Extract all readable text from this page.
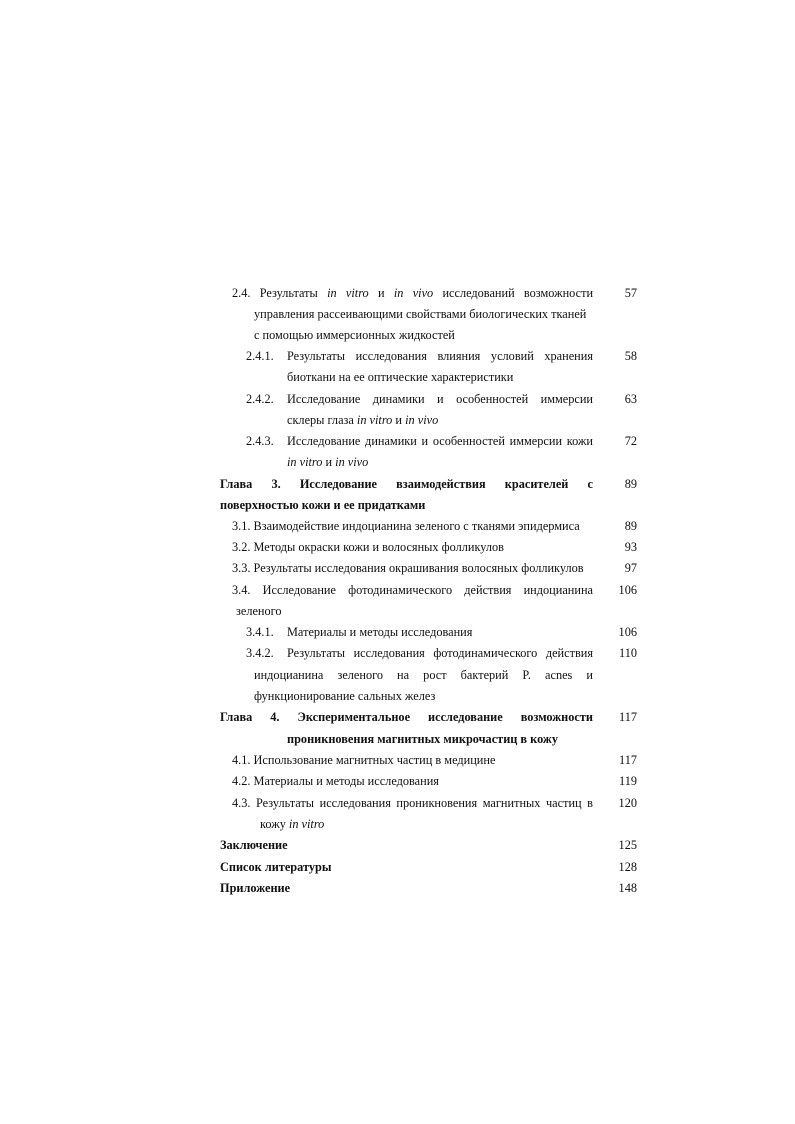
2.4. Результаты in vitro и in vivo исследований возможности
управления рассеивающими свойствами биологических тканей
с помощью иммерсионных жидкостей
57
2.4.1. Результаты исследования влияния условий хранения
биоткани на ее оптические характеристики
58
2.4.2. Исследование динамики и особенностей иммерсии
склеры глаза in vitro и in vivo
63
2.4.3. Исследование динамики и особенностей иммерсии кожи
in vitro и in vivo
72
Глава 3. Исследование взаимодействия красителей с
поверхностью кожи и ее придатками
89
3.1. Взаимодействие индоцианина зеленого с тканями эпидермиса	89
3.2. Методы окраски кожи и волосяных фолликулов	93
3.3. Результаты исследования окрашивания волосяных фолликулов	97
3.4. Исследование фотодинамического действия индоцианина
зеленого
106
3.4.1. Материалы и методы исследования	106
3.4.2. Результаты исследования фотодинамического действия
индоцианина зеленого на рост бактерий P. acnes и
функционирование сальных желез
110
Глава 4. Экспериментальное исследование возможности
проникновения магнитных микрочастиц в кожу
117
4.1. Использование магнитных частиц в медицине	117
4.2. Материалы и методы исследования	119
4.3. Результаты исследования проникновения магнитных частиц в
кожу in vitro
120
Заключение	125
Список литературы	128
Приложение	148
